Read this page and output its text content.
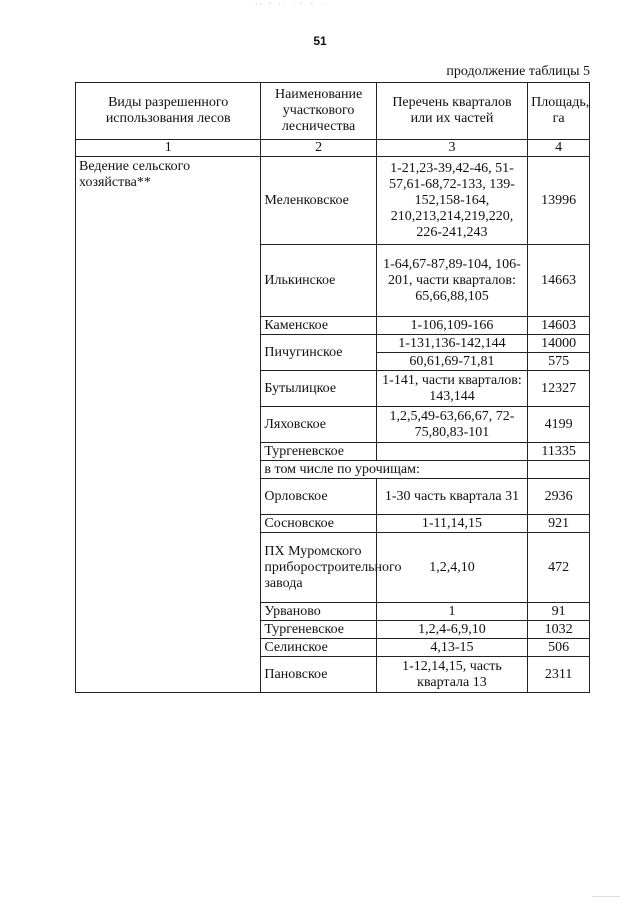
ꞌꞌ ˇ ˈ˙ ˙ˇ ˆ ˙
51
продолжение таблицы 5
Виды разрешенного использования лесов	Наименование участкового лесничества	Перечень кварталов или их частей	Площадь, га
1	2	3	4
Ведение сельского хозяйства**	Меленковское	1-21,23-39,42-46, 51-57,61-68,72-133, 139-152,158-164, 210,213,214,219,220, 226-241,243	13996
	Илькинское	1-64,67-87,89-104, 106-201, части кварталов: 65,66,88,105	14663
	Каменское	1-106,109-166	14603
	Пичугинское	1-131,136-142,144	14000
		60,61,69-71,81	575
	Бутылицкое	1-141, части кварталов: 143,144	12327
	Ляховское	1,2,5,49-63,66,67, 72-75,80,83-101	4199
	Тургеневское		11335
	в том числе по урочищам:		
	Орловское	1-30 часть квартала 31	2936
	Сосновское	1-11,14,15	921
	ПХ Муромского приборостроительного завода	1,2,4,10	472
	Урваново	1	91
	Тургеневское	1,2,4-6,9,10	1032
	Селинское	4,13-15	506
	Пановское	1-12,14,15, часть квартала 13	2311
